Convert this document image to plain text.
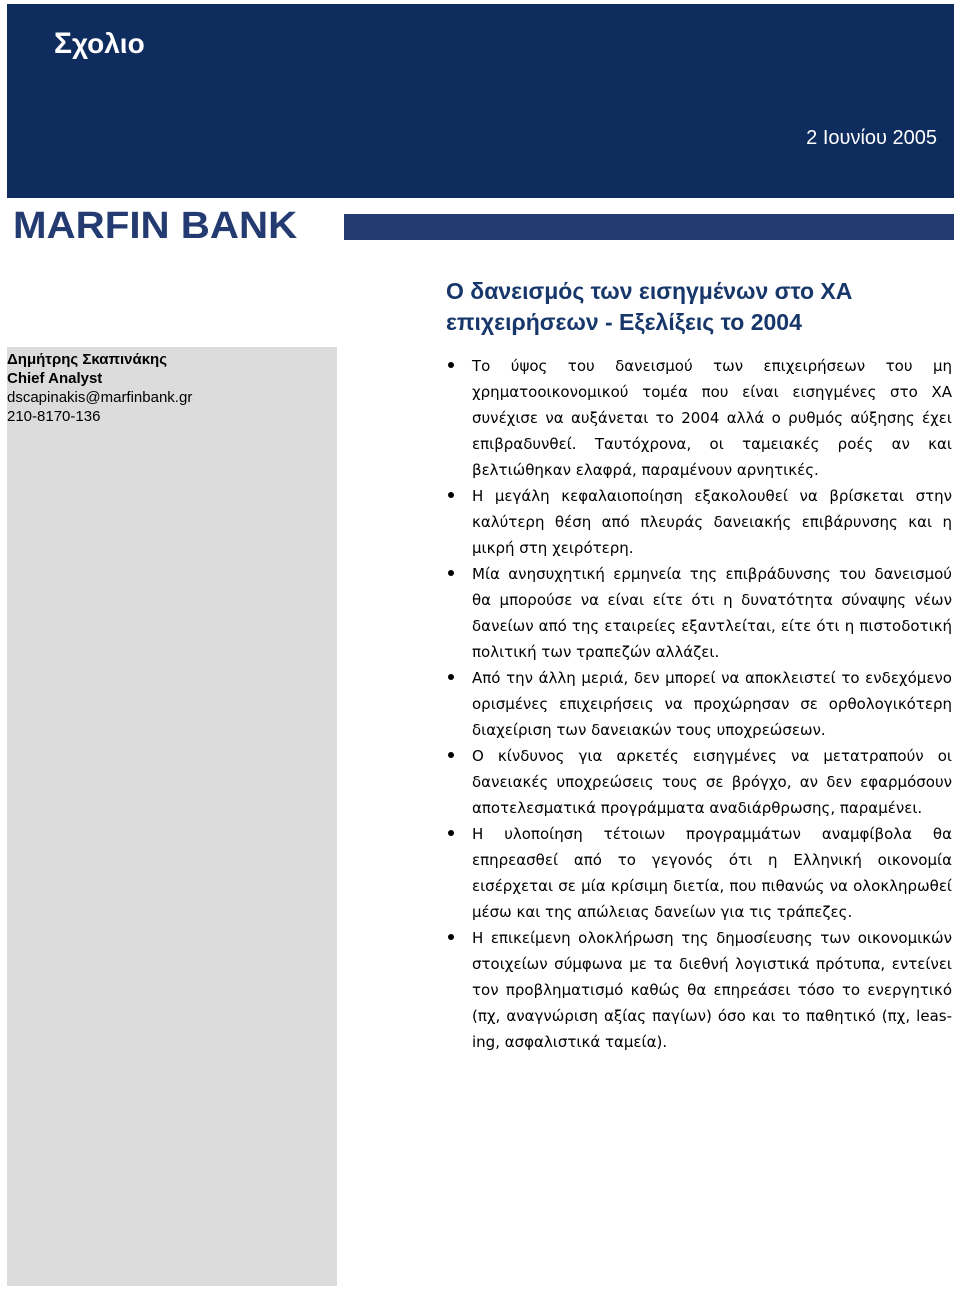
Σχολιο
2 Ιουνίου 2005
MARFIN BANK
Δημήτρης Σκαπινάκης
Chief Analyst
dscapinakis@marfinbank.gr
210-8170-136
Ο δανεισμός των εισηγμένων στο ΧΑ επιχειρήσεων - Εξελίξεις το 2004
Το ύψος του δανεισμού των επιχειρήσεων του μη χρηματοοικονομικού τομέα που είναι εισηγμένες στο ΧΑ συνέχισε να αυξάνεται το 2004 αλλά ο ρυθμός αύξησης έχει επιβραδυνθεί. Ταυτόχρονα, οι ταμειακές ροές αν και βελτιώθηκαν ελαφρά, παραμένουν αρνητικές.
Η μεγάλη κεφαλαιοποίηση εξακολουθεί να βρίσκεται στην καλύτερη θέση από πλευράς δανειακής επιβάρυνσης και η μικρή στη χειρότερη.
Μία ανησυχητική ερμηνεία της επιβράδυνσης του δανεισμού θα μπορούσε να είναι είτε ότι η δυνατότητα σύναψης νέων δανείων από της εταιρείες εξαντλείται, είτε ότι η πιστοδοτική πολιτική των τραπεζών αλλάζει.
Από την άλλη μεριά, δεν μπορεί να αποκλειστεί το ενδεχόμενο ορισμένες επιχειρήσεις να προχώρησαν σε ορθολογικότερη διαχείριση των δανειακών τους υποχρεώσεων.
Ο κίνδυνος για αρκετές εισηγμένες να μετατραπούν οι δανειακές υποχρεώσεις τους σε βρόγχο, αν δεν εφαρμόσουν αποτελεσματικά προγράμματα αναδιάρθρωσης, παραμένει.
Η υλοποίηση τέτοιων προγραμμάτων αναμφίβολα θα επηρεασθεί από το γεγονός ότι η Ελληνική οικονομία εισέρχεται σε μία κρίσιμη διετία, που πιθανώς να ολοκληρωθεί μέσω και της απώλειας δανείων για τις τράπεζες.
Η επικείμενη ολοκλήρωση της δημοσίευσης των οικονομικών στοιχείων σύμφωνα με τα διεθνή λογιστικά πρότυπα, εντείνει τον προβληματισμό καθώς θα επηρεάσει τόσο το ενεργητικό (πχ, αναγνώριση αξίας παγίων) όσο και το παθητικό (πχ, leas-ing, ασφαλιστικά ταμεία).
